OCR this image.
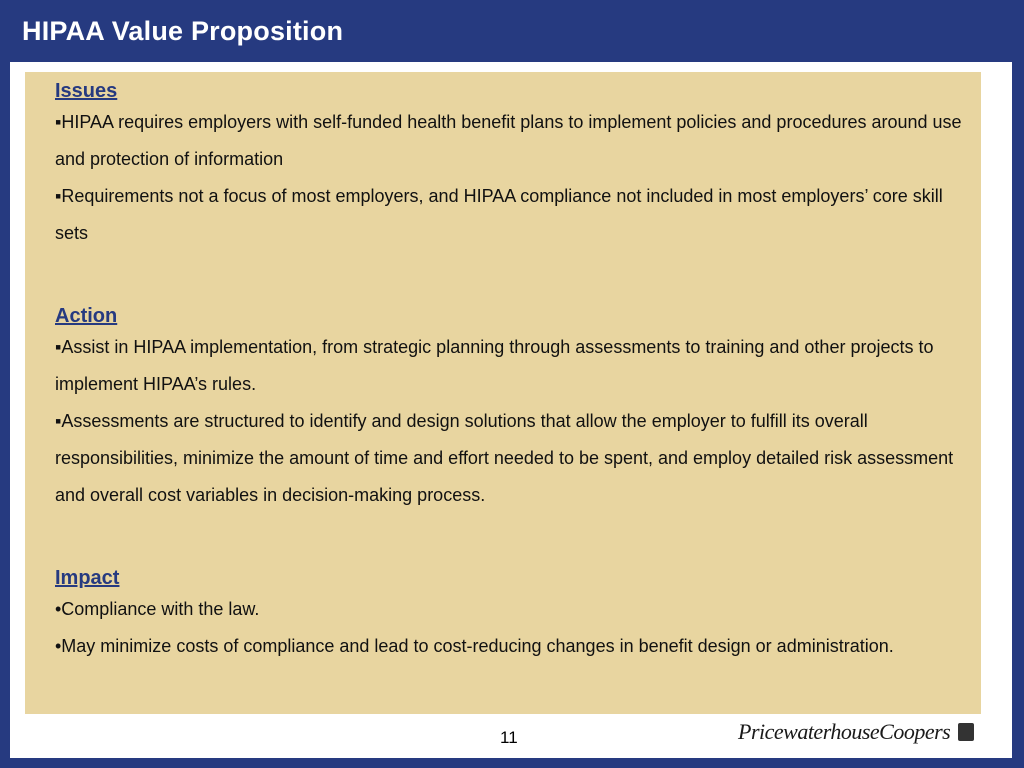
HIPAA Value Proposition

Issues

▪HIPAA requires employers with self-funded health benefit plans to implement policies and procedures around use and protection of information

▪Requirements not a focus of most employers, and HIPAA compliance not included in most employers’ core skill sets

Action

▪Assist in HIPAA implementation, from strategic planning through assessments to training and other projects to implement HIPAA’s rules.

▪Assessments are structured to identify and design solutions that allow the employer to fulfill its overall responsibilities, minimize the amount of time and effort needed to be spent, and employ detailed risk assessment and overall cost variables in decision-making process.

Impact

•Compliance with the law.

•May minimize costs of compliance and lead to cost-reducing changes in benefit design or administration.

11	PricewaterhouseCoopers
